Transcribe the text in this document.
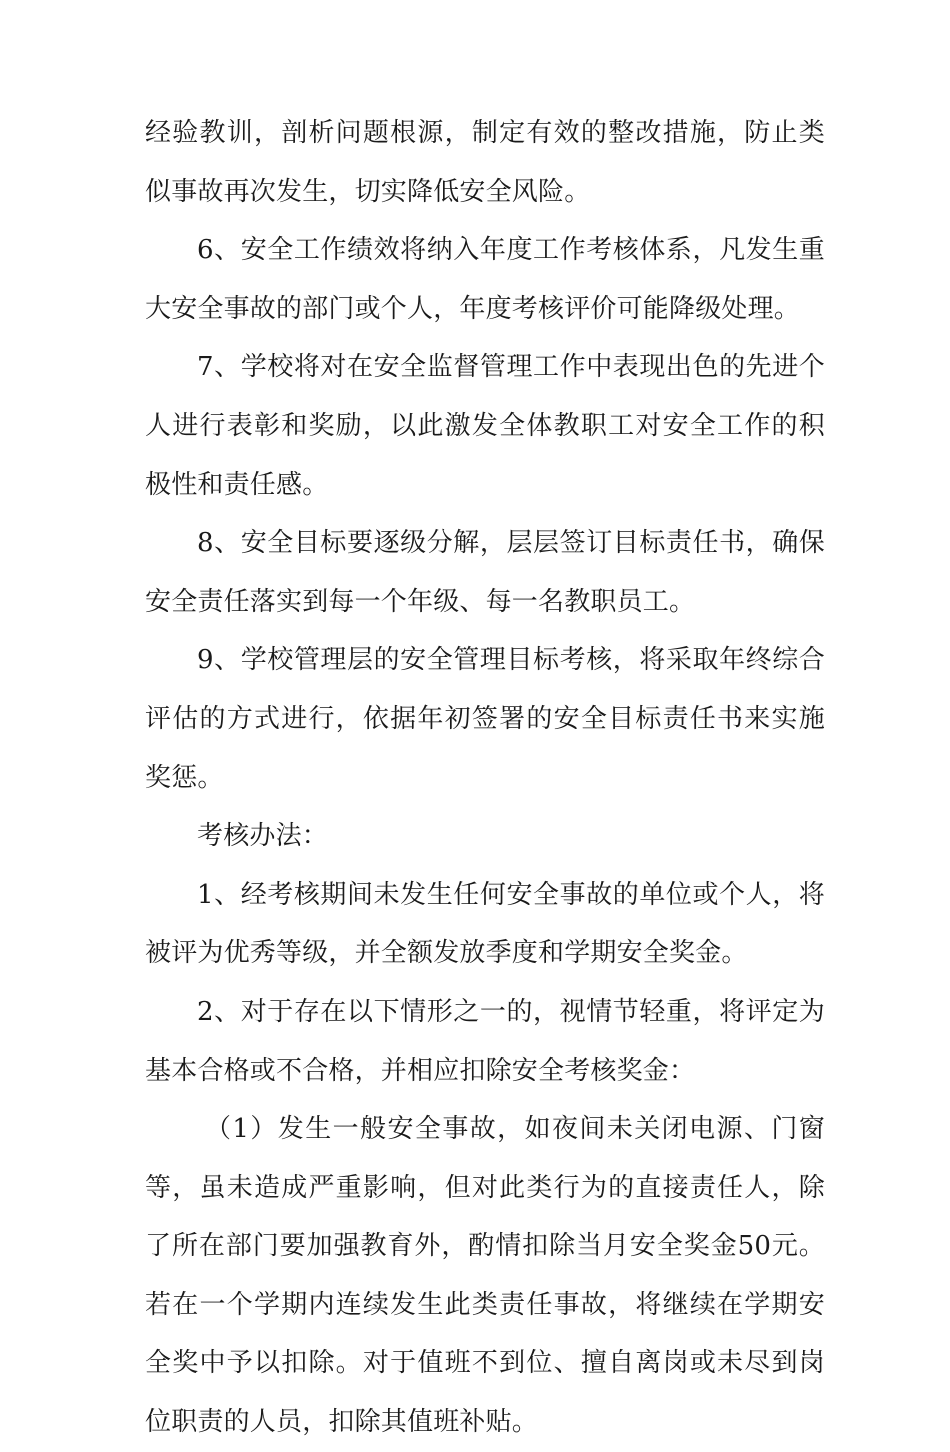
经验教训，剖析问题根源，制定有效的整改措施，防止类似事故再次发生，切实降低安全风险。

6、安全工作绩效将纳入年度工作考核体系，凡发生重大安全事故的部门或个人，年度考核评价可能降级处理。

7、学校将对在安全监督管理工作中表现出色的先进个人进行表彰和奖励，以此激发全体教职工对安全工作的积极性和责任感。

8、安全目标要逐级分解，层层签订目标责任书，确保安全责任落实到每一个年级、每一名教职员工。

9、学校管理层的安全管理目标考核，将采取年终综合评估的方式进行，依据年初签署的安全目标责任书来实施奖惩。

考核办法：

1、经考核期间未发生任何安全事故的单位或个人，将被评为优秀等级，并全额发放季度和学期安全奖金。

2、对于存在以下情形之一的，视情节轻重，将评定为基本合格或不合格，并相应扣除安全考核奖金：

（1）发生一般安全事故，如夜间未关闭电源、门窗等，虽未造成严重影响，但对此类行为的直接责任人，除了所在部门要加强教育外，酌情扣除当月安全奖金50元。若在一个学期内连续发生此类责任事故，将继续在学期安全奖中予以扣除。对于值班不到位、擅自离岗或未尽到岗位职责的人员，扣除其值班补贴。
